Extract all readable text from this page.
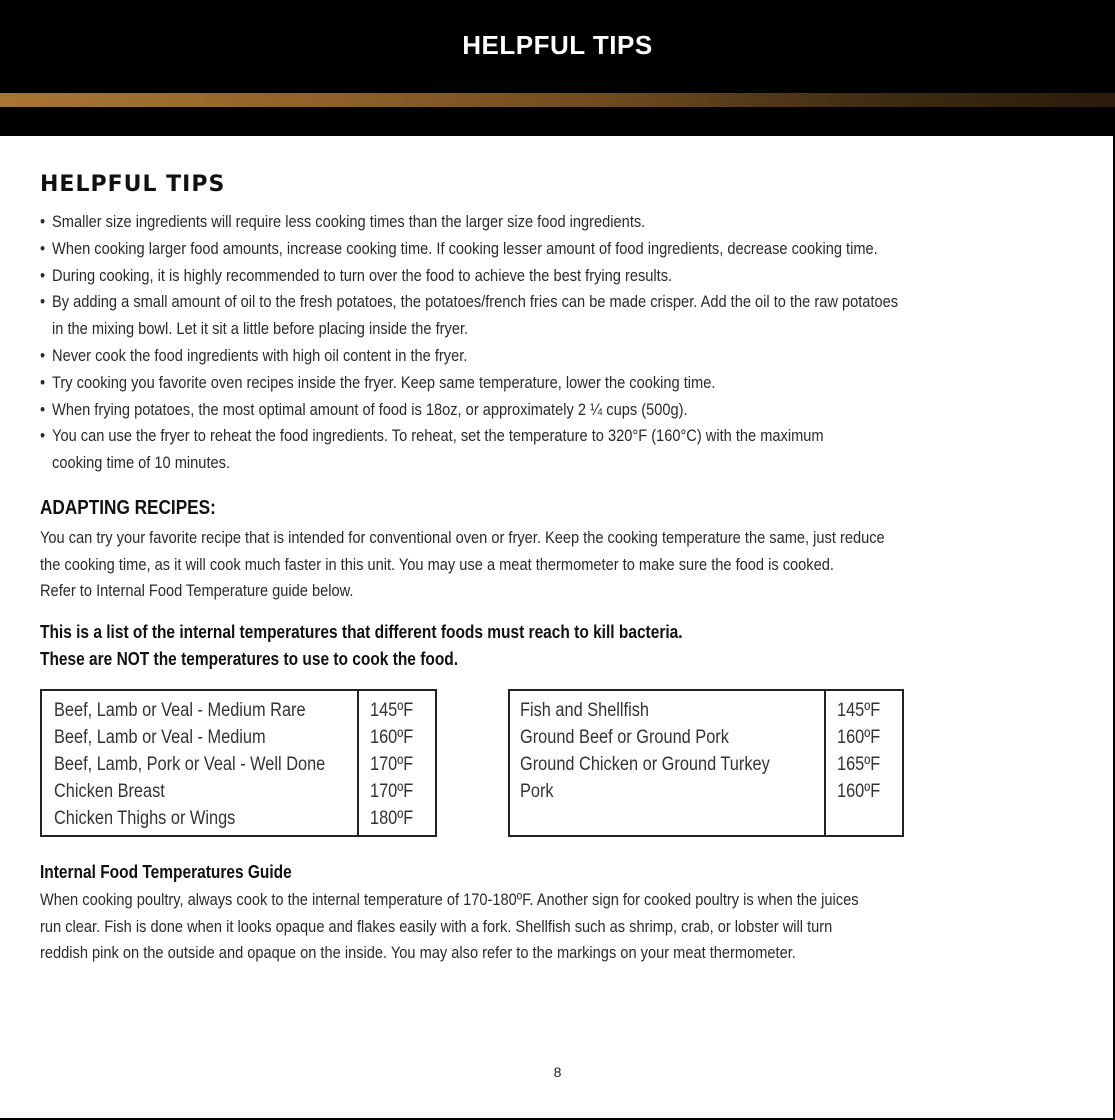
HELPFUL TIPS
HELPFUL TIPS
• Smaller size ingredients will require less cooking times than the larger size food ingredients.
• When cooking larger food amounts, increase cooking time. If cooking lesser amount of food ingredients, decrease cooking time.
• During cooking, it is highly recommended to turn over the food to achieve the best frying results.
• By adding a small amount of oil to the fresh potatoes, the potatoes/french fries can be made crisper. Add the oil to the raw potatoes
in the mixing bowl. Let it sit a little before placing inside the fryer.
• Never cook the food ingredients with high oil content in the fryer.
• Try cooking you favorite oven recipes inside the fryer. Keep same temperature, lower the cooking time.
• When frying potatoes, the most optimal amount of food is 18oz, or approximately 2 ¼ cups (500g).
• You can use the fryer to reheat the food ingredients. To reheat, set the temperature to 320°F (160°C) with the maximum
cooking time of 10 minutes.
ADAPTING RECIPES:
You can try your favorite recipe that is intended for conventional oven or fryer. Keep the cooking temperature the same, just reduce
the cooking time, as it will cook much faster in this unit. You may use a meat thermometer to make sure the food is cooked.
Refer to Internal Food Temperature guide below.
This is a list of the internal temperatures that different foods must reach to kill bacteria.
These are NOT the temperatures to use to cook the food.
Beef, Lamb or Veal - Medium Rare
Beef, Lamb or Veal - Medium
Beef, Lamb, Pork or Veal - Well Done
Chicken Breast
Chicken Thighs or Wings
145ºF
160ºF
170ºF
170ºF
180ºF
Fish and Shellfish
Ground Beef or Ground Pork
Ground Chicken or Ground Turkey
Pork
145ºF
160ºF
165ºF
160ºF
Internal Food Temperatures Guide
When cooking poultry, always cook to the internal temperature of 170-180ºF. Another sign for cooked poultry is when the juices
run clear. Fish is done when it looks opaque and flakes easily with a fork. Shellfish such as shrimp, crab, or lobster will turn
reddish pink on the outside and opaque on the inside. You may also refer to the markings on your meat thermometer.
8
